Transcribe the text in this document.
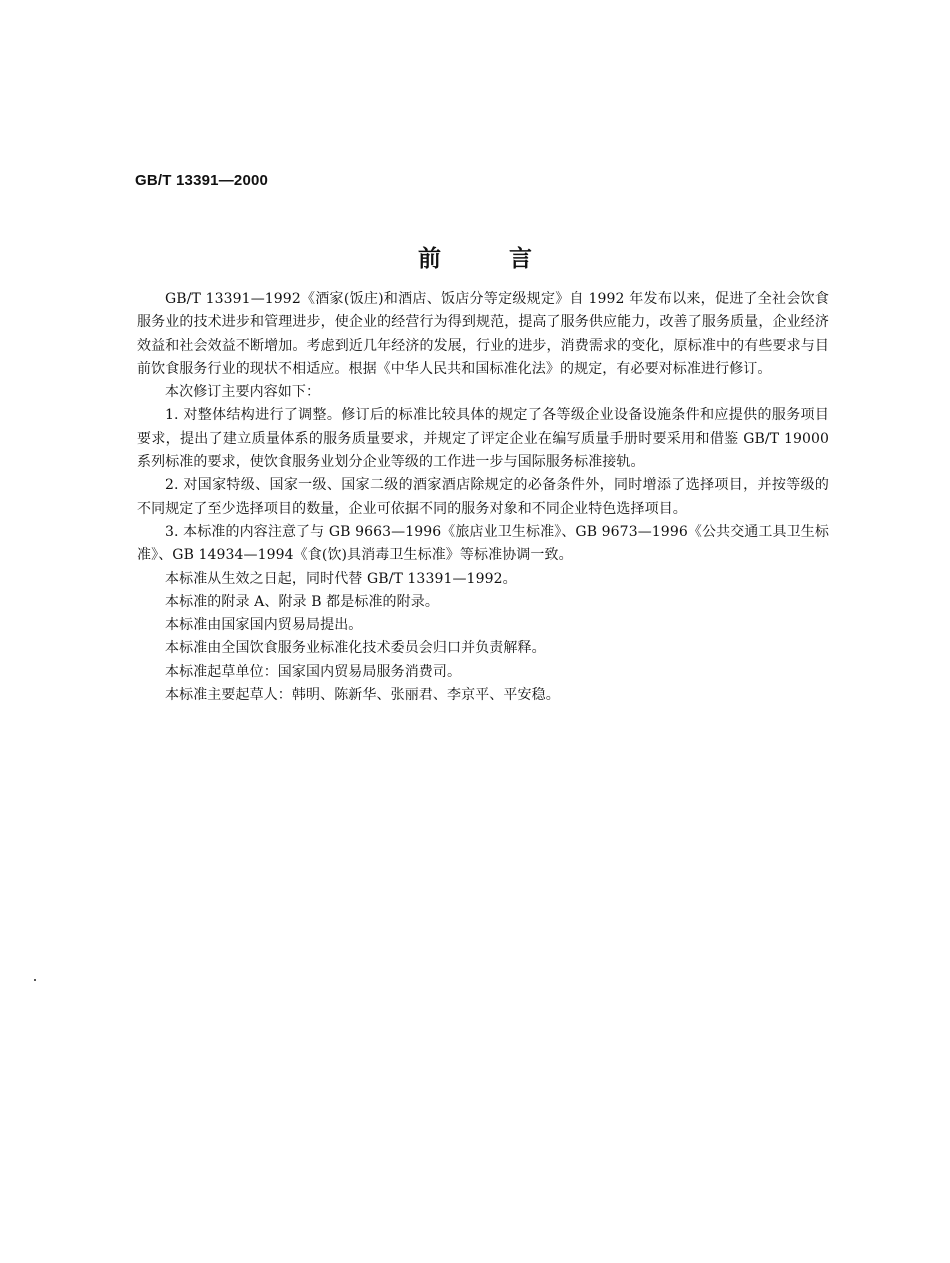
GB/T 13391—2000
前言

GB/T 13391—1992《酒家(饭庄)和酒店、饭店分等定级规定》自 1992 年发布以来，促进了全社会饮食服务业的技术进步和管理进步，使企业的经营行为得到规范，提高了服务供应能力，改善了服务质量，企业经济效益和社会效益不断增加。考虑到近几年经济的发展，行业的进步，消费需求的变化，原标准中的有些要求与目前饮食服务行业的现状不相适应。根据《中华人民共和国标准化法》的规定，有必要对标准进行修订。

本次修订主要内容如下：

1. 对整体结构进行了调整。修订后的标准比较具体的规定了各等级企业设备设施条件和应提供的服务项目要求，提出了建立质量体系的服务质量要求，并规定了评定企业在编写质量手册时要采用和借鉴 GB/T 19000 系列标准的要求，使饮食服务业划分企业等级的工作进一步与国际服务标准接轨。

2. 对国家特级、国家一级、国家二级的酒家酒店除规定的必备条件外，同时增添了选择项目，并按等级的不同规定了至少选择项目的数量，企业可依据不同的服务对象和不同企业特色选择项目。

3. 本标准的内容注意了与 GB 9663—1996《旅店业卫生标准》、GB 9673—1996《公共交通工具卫生标准》、GB 14934—1994《食(饮)具消毒卫生标准》等标准协调一致。

本标准从生效之日起，同时代替 GB/T 13391—1992。

本标准的附录 A、附录 B 都是标准的附录。

本标准由国家国内贸易局提出。

本标准由全国饮食服务业标准化技术委员会归口并负责解释。

本标准起草单位：国家国内贸易局服务消费司。

本标准主要起草人：韩明、陈新华、张丽君、李京平、平安稳。
